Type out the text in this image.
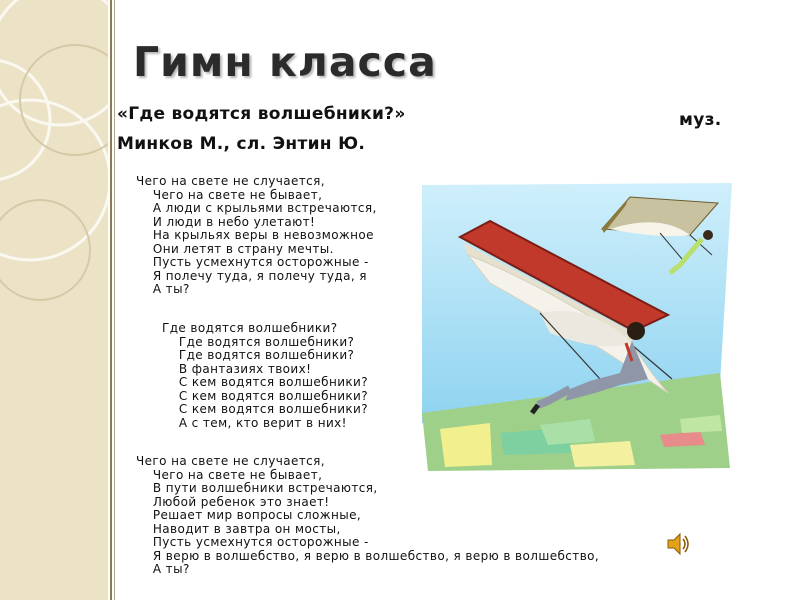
Гимн класса
«Где водятся волшебники?»	муз.
Минков М., сл. Энтин Ю.
Чего на свете не случается,
Чего на свете не бывает,
А люди с крыльями встречаются,
И люди в небо улетают!
На крыльях веры в невозможное
Они летят в страну мечты.
Пусть усмехнутся осторожные -
Я полечу туда, я полечу туда, я
А ты?
Где водятся волшебники?
Где водятся волшебники?
Где водятся волшебники?
В фантазиях твоих!
С кем водятся волшебники?
С кем водятся волшебники?
С кем водятся волшебники?
А с тем, кто верит в них!
Чего на свете не случается,
Чего на свете не бывает,
В пути волшебники встречаются,
Любой ребенок это знает!
Решает мир вопросы сложные,
Наводит в завтра он мосты,
Пусть усмехнутся осторожные -
Я верю в волшебство, я верю в волшебство, я верю в волшебство,
А ты?
